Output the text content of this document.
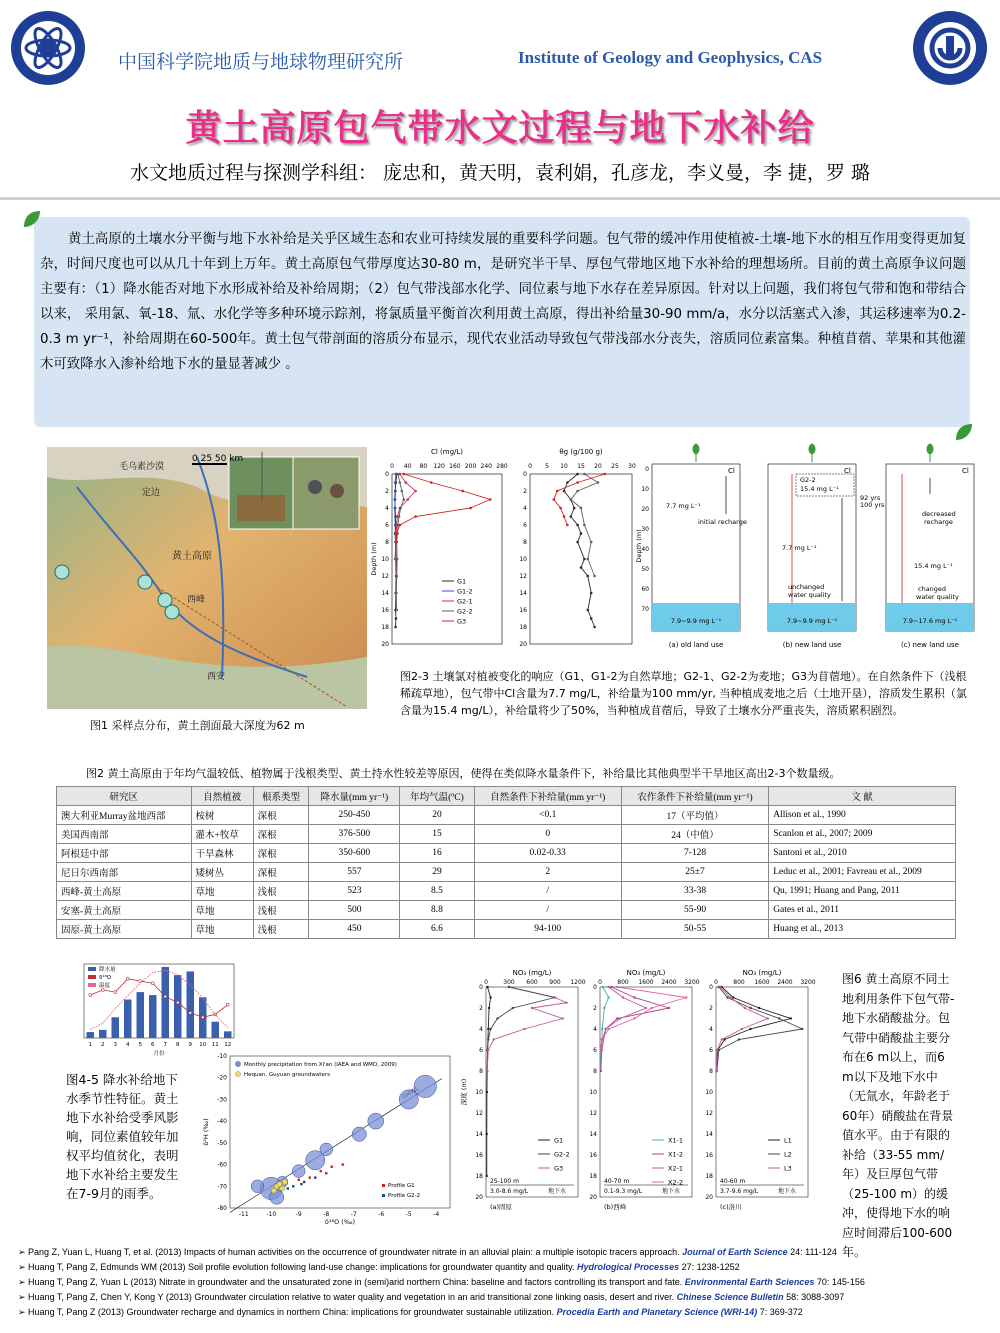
中国科学院地质与地球物理研究所	Institute of Geology and Geophysics, CAS
黄土高原包气带水文过程与地下水补给
水文地质过程与探测学科组： 庞忠和，黄天明，袁利娟，孔彦龙，李义曼，李 捷，罗 璐
黄土高原的土壤水分平衡与地下水补给是关乎区域生态和农业可持续发展的重要科学问题。包气带的缓冲作用使植被-土壤-地下水的相互作用变得更加复杂，时间尺度也可以从几十年到上万年。黄土高原包气带厚度达30-80 m，是研究半干旱、厚包气带地区地下水补给的理想场所。目前的黄土高原争议问题主要有：（1）降水能否对地下水形成补给及补给周期；（2）包气带浅部水化学、同位素与地下水存在差异原因。针对以上问题，我们将包气带和饱和带结合以来， 采用氯、氧-18、氚、水化学等多种环境示踪剂，将氯质量平衡首次利用黄土高原，得出补给量30-90 mm/a，水分以活塞式入渗，其运移速率为0.2-0.3 m yr⁻¹，补给周期在60-500年。黄土包气带剖面的溶质分布显示，现代农业活动导致包气带浅部水分丧失，溶质同位素富集。种植苜蓿、苹果和其他灌木可致降水入渗补给地下水的量显著减少 。
0 25 50 km
毛乌素沙漠
定边
黄土高原
西峰
西安
图1 采样点分布，黄土剖面最大深度为62 m
Cl (mg/L)
0 40 80 120 160 200 240 280
0
2
4
6
8
10
12
14
16
18
20
Depth (m)
θg (g/100 g)
0 5 10 15 20 25 30
0
2
4
6
8
10
12
14
16
18
20
G1
G1-2
G2-1
G2-2
G3	7.9~9.9 mg L⁻¹
(a) old land use
Cl
0
10
20
30
40
50
60
70
Depth (m)
7.7 mg L⁻¹
initial recharge
7.9~9.9 mg L⁻¹
(b) new land use
Cl
G2-2
15.4 mg L⁻¹
92 yrs
100 yrs
7.7 mg L⁻¹
unchanged
water quality
7.9~17.6 mg L⁻¹
(c) new land use
Cl
decreased
recharge
15.4 mg L⁻¹
changed
water quality
图2-3 土壤氯对植被变化的响应（G1、G1-2为自然草地；G2-1、G2-2为麦地；G3为苜蓿地）。在自然条件下（浅根稀疏草地），包气带中Cl含量为7.7 mg/L，补给量为100 mm/yr, 当种植成麦地之后（土地开垦），溶质发生累积（氯含量为15.4 mg/L），补给量将少了50%，当种植成苜蓿后，导致了土壤水分严重丧失，溶质累积剧烈。
图2 黄土高原由于年均气温较低、植物属于浅根类型、黄土持水性较差等原因，使得在类似降水量条件下，补给量比其他典型半干旱地区高出2-3个数量级。
研究区	自然植被	根系类型	降水量(mm yr⁻¹)	年均气温(ºC)	自然条件下补给量(mm yr⁻¹)	农作条件下补给量(mm yr⁻¹)	文 献
澳大利亚Murray盆地西部	桉树	深根	250-450	20	<0.1	17（平均值）	Allison et al., 1990
美国西南部	灌木+牧草	深根	376-500	15	0	24（中值）	Scanlon et al., 2007; 2009
阿根廷中部	干旱森林	深根	350-600	16	0.02-0.33	7-128	Santoni et al., 2010
尼日尔西南部	矮树丛	深根	557	29	2	25±7	Leduc et al., 2001; Favreau et al., 2009
西峰-黄土高原	草地	浅根	523	8.5	/	33-38	Qu, 1991; Huang and Pang, 2011
安塞-黄土高原	草地	浅根	500	8.8	/	55-90	Gates et al., 2011
固原-黄土高原	草地	浅根	450	6.6	94-100	50-55	Huang et al., 2013
1 2 3 4 5 6 7 8 9 10 11 12
月份
降水量
δ¹⁸O
温度
-11	-10	-9	-8	-7	-6	-5	-4
-10
-20
-30
-40
-50
-60
-70
-80
δ¹⁸O (‰)
δ²H (‰)
Monthly precipitation from Xi'an (IAEA and WMO, 2009)
Hequan, Guyuan groundwaters
Profile G1
Profile G2-2
图4-5 降水补给地下水季节性特征。黄土地下水补给受季风影响，同位素值较年加权平均值贫化，表明地下水补给主要发生在7-9月的雨季。
NO₃ (mg/L)
0	300 600 900 1200
0
2
4
6
8
10
12
14
16
18
20
G1
G2-2
G3
25-100 m
地下水
3.0-8.6 mg/L
(a)固原
NO₃ (mg/L)
0	800 1600 2400 3200
0
2
4
6
8
10
12
14
16
18
20
X1-1
X1-2
X2-1
X2-2
40-70 m
地下水
0.1-9.3 mg/L
(b)西峰
NO₃ (mg/L)
0	800 1600 2400 3200
0
2
4
6
8
10
12
14
16
18
20
L1
L2
L3
40-60 m
地下水
3.7-9.6 mg/L
(c)洛川
深度 (m)
图6 黄土高原不同土地利用条件下包气带-地下水硝酸盐分。包气带中硝酸盐主要分布在6 m以上，而6 m以下及地下水中（无氚水，年龄老于60年）硝酸盐在背景值水平。由于有限的补给（33-55 mm/年）及巨厚包气带（25-100 m）的缓冲，使得地下水的响应时间滞后100-600年。
➢ Pang Z, Yuan L, Huang T, et al. (2013) Impacts of human activities on the occurrence of groundwater nitrate in an alluvial plain: a multiple isotopic tracers approach. Journal of Earth Science 24: 111-124
➢ Huang T, Pang Z, Edmunds WM (2013) Soil profile evolution following land-use change: implications for groundwater quantity and quality. Hydrological Processes 27: 1238-1252
➢ Huang T, Pang Z, Yuan L (2013) Nitrate in groundwater and the unsaturated zone in (semi)arid northern China: baseline and factors controlling its transport and fate. Environmental Earth Sciences 70: 145-156
➢ Huang T, Pang Z, Chen Y, Kong Y (2013) Groundwater circulation relative to water quality and vegetation in an arid transitional zone linking oasis, desert and river. Chinese Science Bulletin 58: 3088-3097
➢ Huang T, Pang Z (2013) Groundwater recharge and dynamics in northern China: implications for groundwater sustainable utilization. Procedia Earth and Planetary Science (WRI-14) 7: 369-372
